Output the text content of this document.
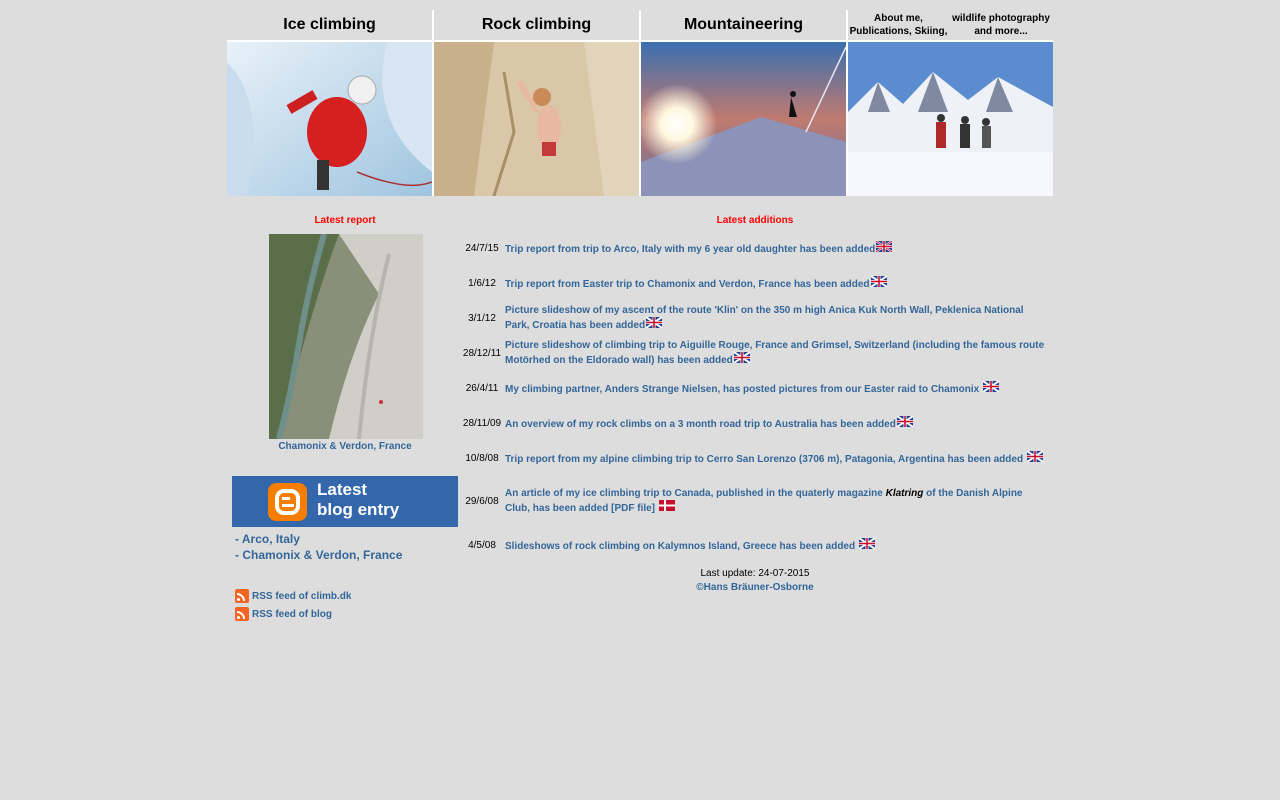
Ice climbing	Rock climbing	Mountaineering	About me, Publications, Skiing,

wildlife photography and more...
Latest report	Latest additions
Chamonix & Verdon, France
Latest
blog entry
- Arco, Italy
- Chamonix & Verdon, France
RSS feed of climb.dk
RSS feed of blog
24/7/15 Trip report from trip to Arco, Italy with my 6 year old daughter has been added
1/6/12 Trip report from Easter trip to Chamonix and Verdon, France has been added
3/1/12
Picture slideshow of my ascent of the route 'Klin' on the 350 m high Anica Kuk North Wall, Peklenica National Park, Croatia has been added
28/12/11
Picture slideshow of climbing trip to Aiguille Rouge, France and Grimsel, Switzerland (including the famous route Motörhed on the Eldorado wall) has been added
26/4/11 My climbing partner, Anders Strange Nielsen, has posted pictures from our Easter raid to Chamonix
28/11/09 An overview of my rock climbs on a 3 month road trip to Australia has been added
10/8/08 Trip report from my alpine climbing trip to Cerro San Lorenzo (3706 m), Patagonia, Argentina has been added
29/6/08
An article of my ice climbing trip to Canada, published in the quaterly magazine Klatring of the Danish Alpine Club, has been added [PDF file]
4/5/08 Slideshows of rock climbing on Kalymnos Island, Greece has been added
Last update: 24-07-2015
©Hans Bräuner-Osborne
